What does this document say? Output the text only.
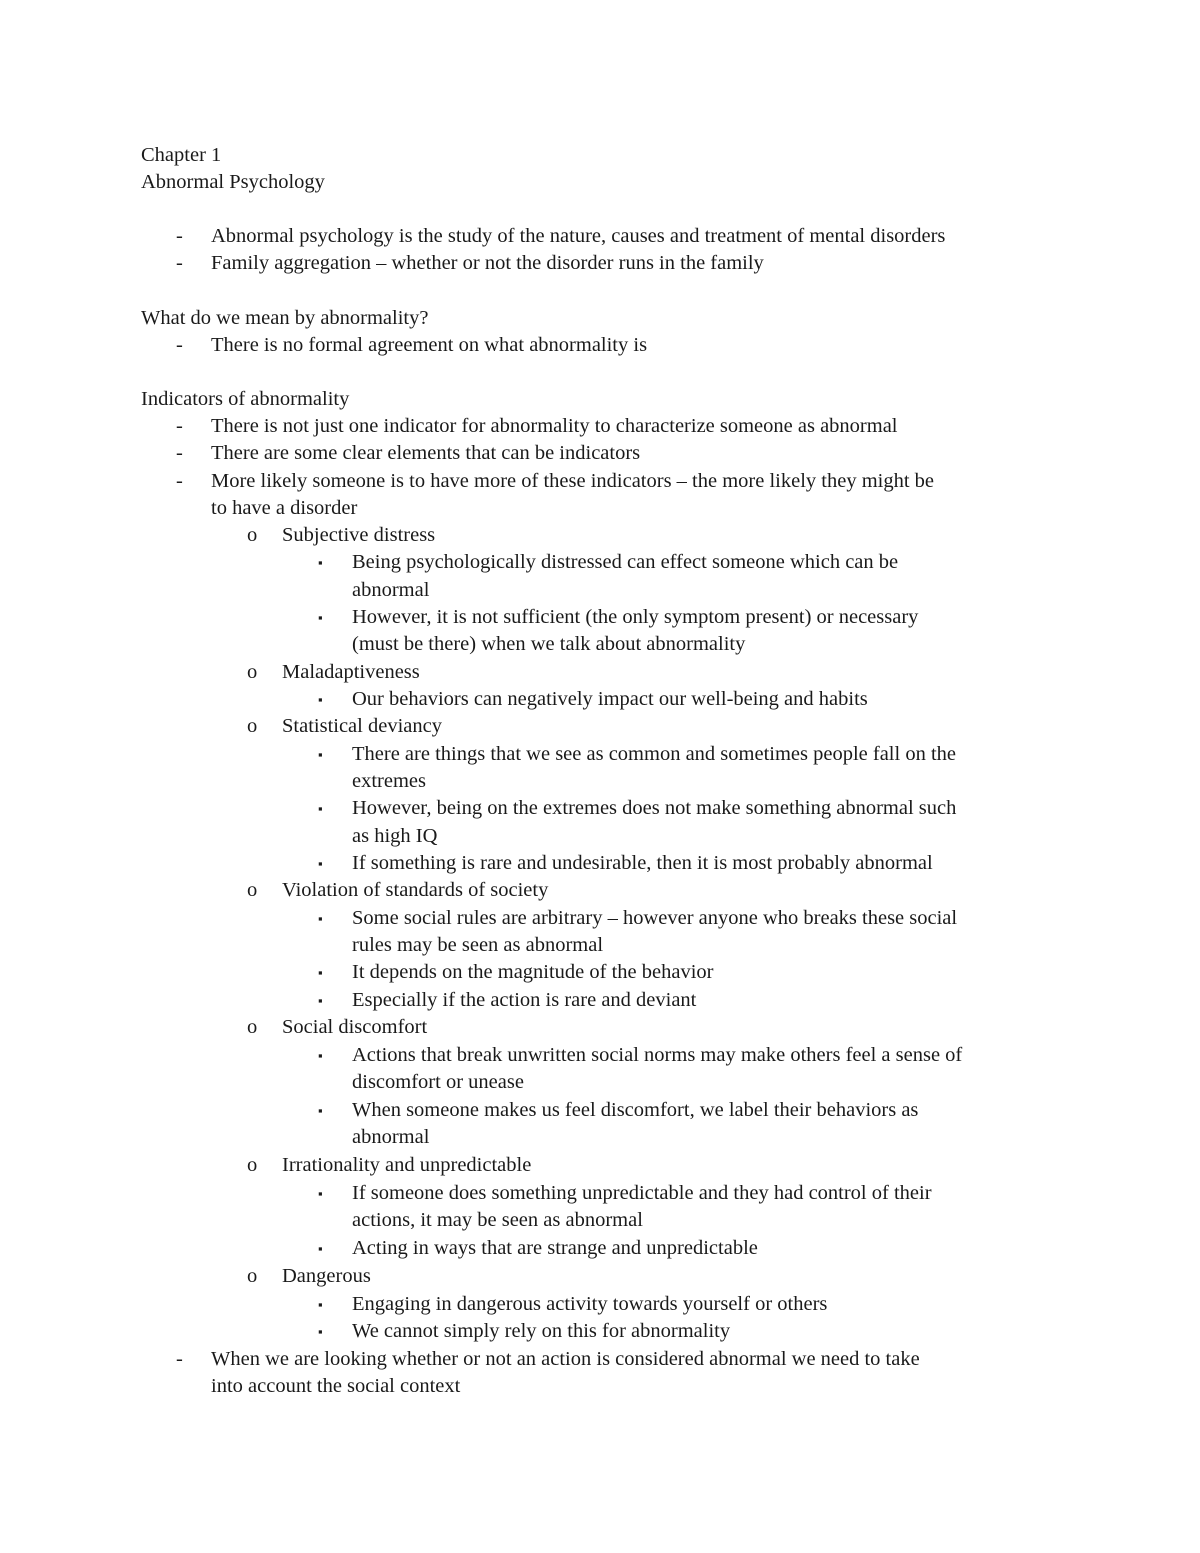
Chapter 1
Abnormal Psychology
- Abnormal psychology is the study of the nature, causes and treatment of mental disorders
- Family aggregation – whether or not the disorder runs in the family
What do we mean by abnormality?
- There is no formal agreement on what abnormality is
Indicators of abnormality
- There is not just one indicator for abnormality to characterize someone as abnormal
- There are some clear elements that can be indicators
- More likely someone is to have more of these indicators – the more likely they might be
to have a disorder
o Subjective distress
▪ Being psychologically distressed can effect someone which can be
abnormal
▪ However, it is not sufficient (the only symptom present) or necessary
(must be there) when we talk about abnormality
o Maladaptiveness
▪ Our behaviors can negatively impact our well-being and habits
o Statistical deviancy
▪ There are things that we see as common and sometimes people fall on the
extremes
▪ However, being on the extremes does not make something abnormal such
as high IQ
▪ If something is rare and undesirable, then it is most probably abnormal
o Violation of standards of society
▪ Some social rules are arbitrary – however anyone who breaks these social
rules may be seen as abnormal
▪ It depends on the magnitude of the behavior
▪ Especially if the action is rare and deviant
o Social discomfort
▪ Actions that break unwritten social norms may make others feel a sense of
discomfort or unease
▪ When someone makes us feel discomfort, we label their behaviors as
abnormal
o Irrationality and unpredictable
▪ If someone does something unpredictable and they had control of their
actions, it may be seen as abnormal
▪ Acting in ways that are strange and unpredictable
o Dangerous
▪ Engaging in dangerous activity towards yourself or others
▪ We cannot simply rely on this for abnormality
- When we are looking whether or not an action is considered abnormal we need to take
into account the social context
